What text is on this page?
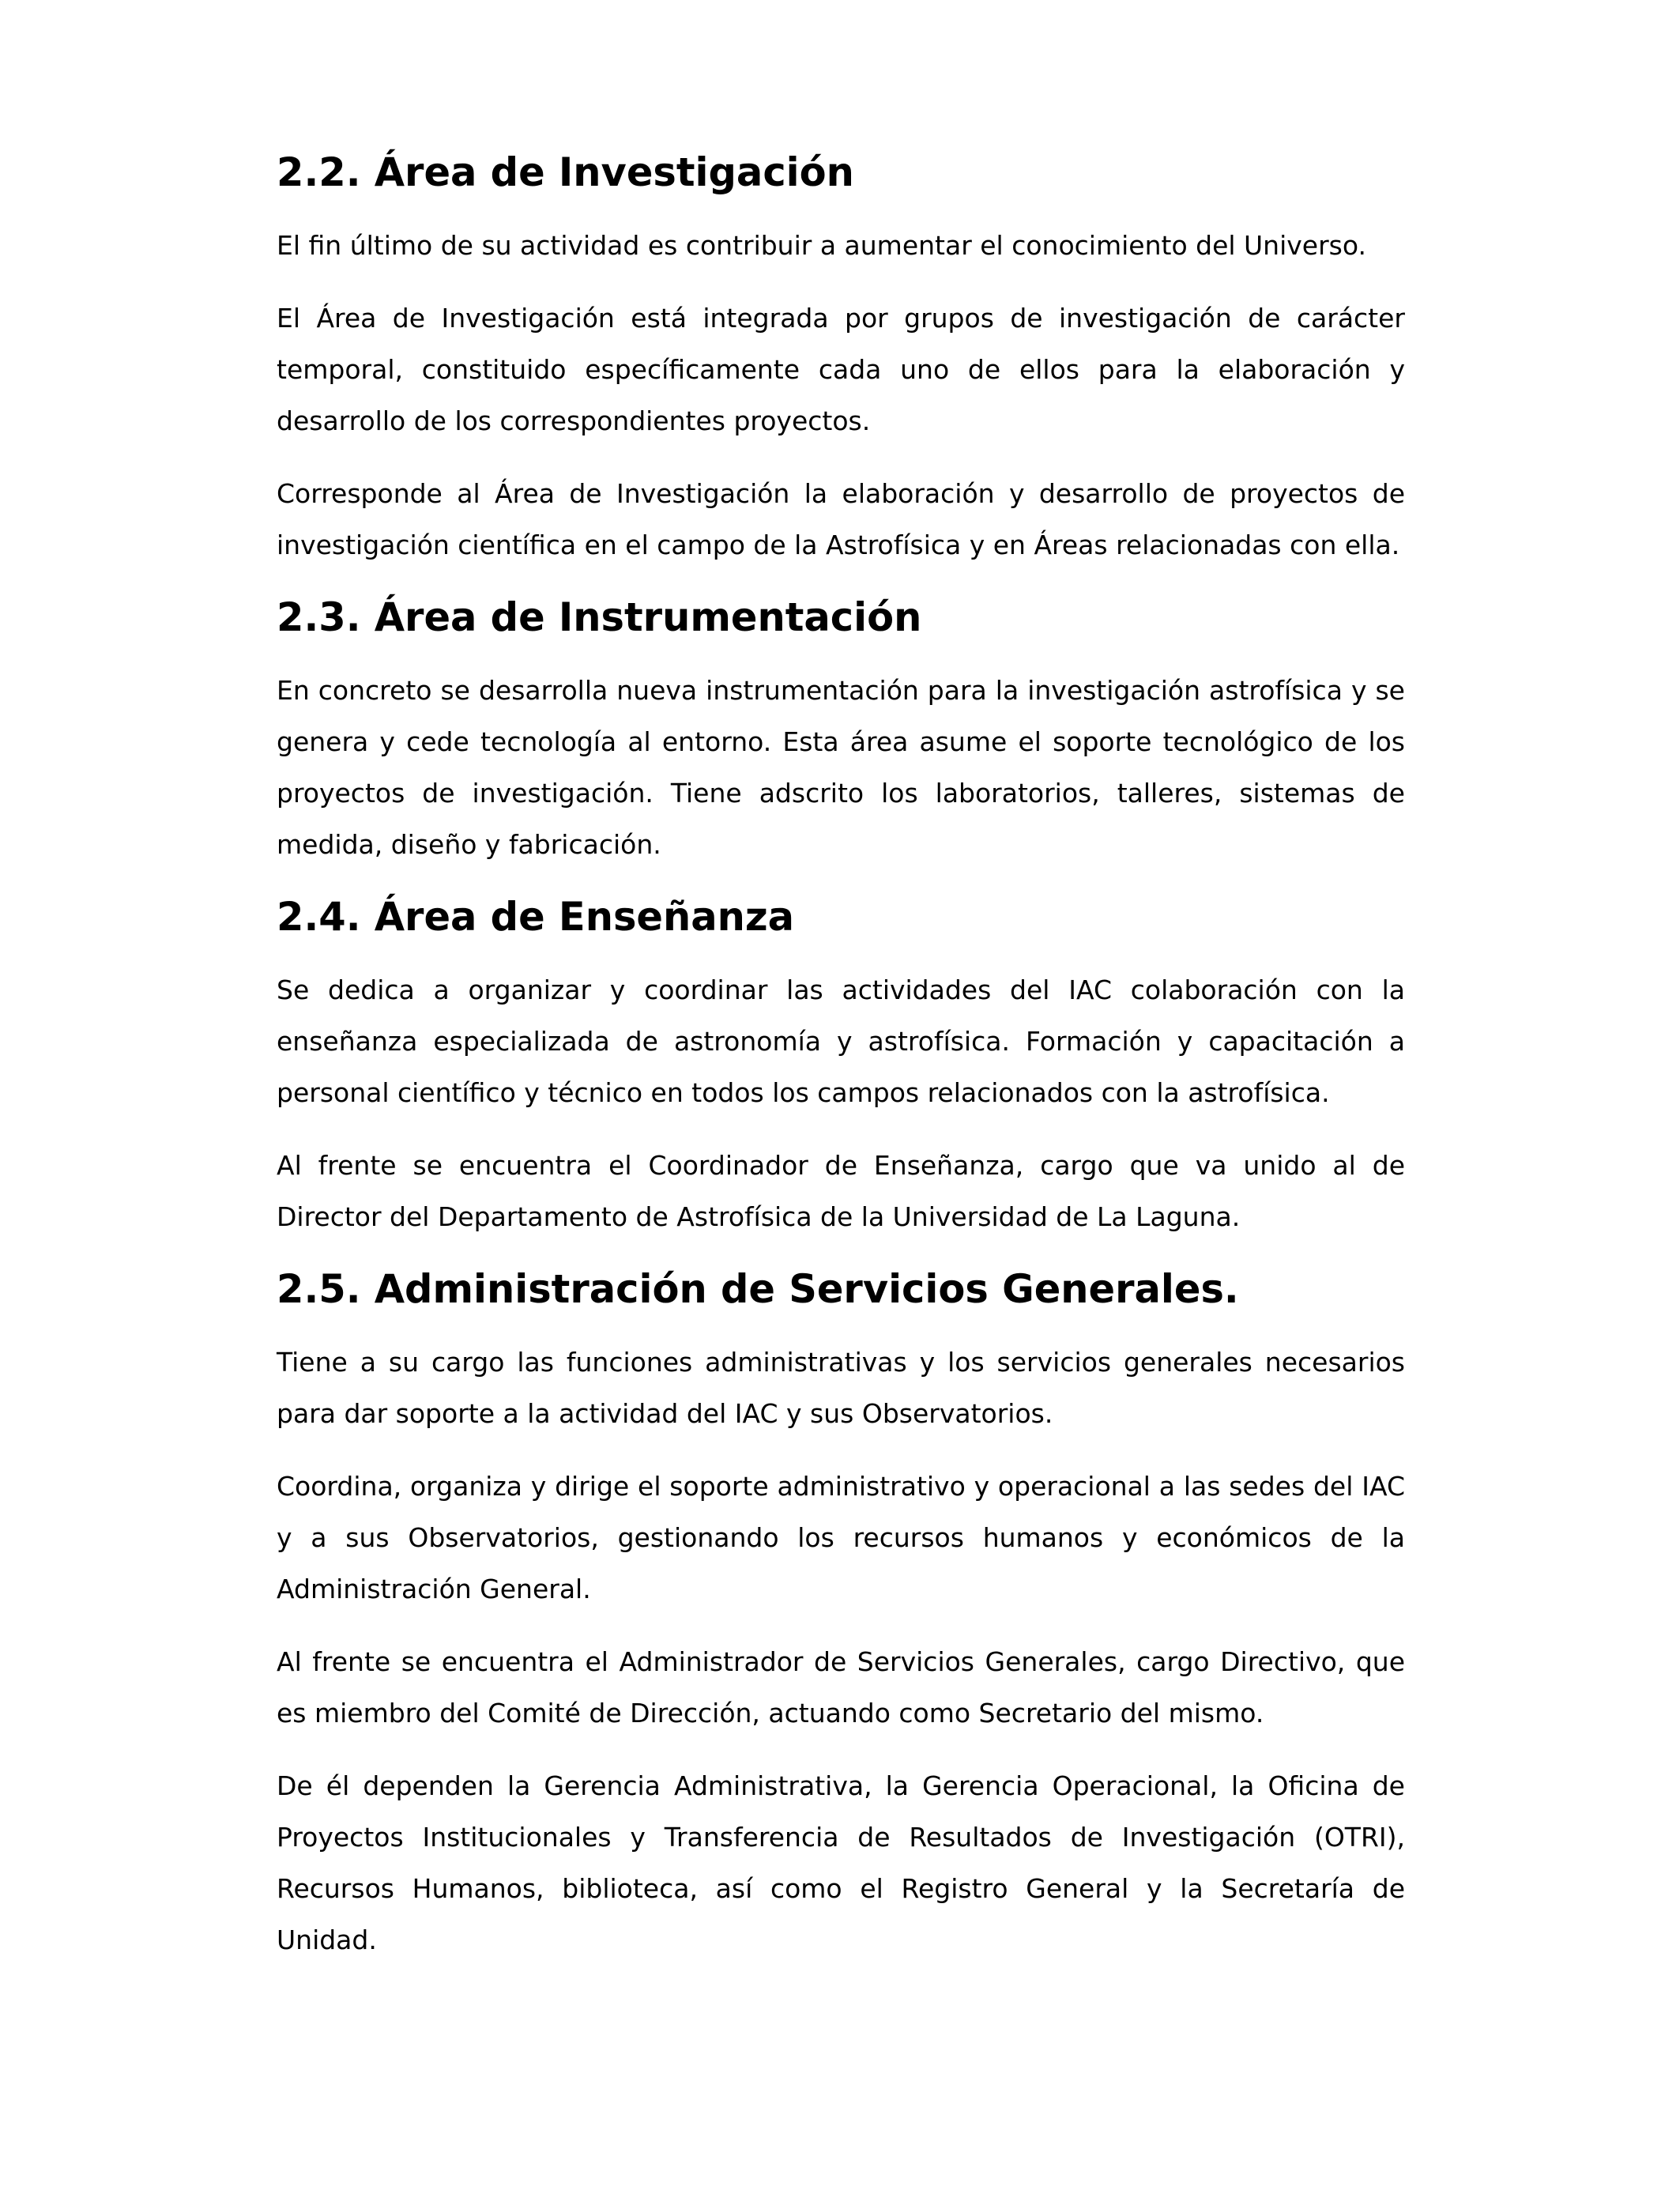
2.2. Área de Investigación

El fin último de su actividad es contribuir a aumentar el conocimiento del Universo.

El Área de Investigación está integrada por grupos de investigación de carácter temporal, constituido específicamente cada uno de ellos para la elaboración y desarrollo de los correspondientes proyectos.

Corresponde al Área de Investigación la elaboración y desarrollo de proyectos de investigación científica en el campo de la Astrofísica y en Áreas relacionadas con ella.

2.3. Área de Instrumentación

En concreto se desarrolla nueva instrumentación para la investigación astrofísica y se genera y cede tecnología al entorno. Esta área asume el soporte tecnológico de los proyectos de investigación. Tiene adscrito los laboratorios, talleres, sistemas de medida, diseño y fabricación.

2.4. Área de Enseñanza

Se dedica a organizar y coordinar las actividades del IAC colaboración con la enseñanza especializada de astronomía y astrofísica. Formación y capacitación a personal científico y técnico en todos los campos relacionados con la astrofísica.

Al frente se encuentra el Coordinador de Enseñanza, cargo que va unido al de Director del Departamento de Astrofísica de la Universidad de La Laguna.

2.5. Administración de Servicios Generales.

Tiene a su cargo las funciones administrativas y los servicios generales necesarios para dar soporte a la actividad del IAC y sus Observatorios.

Coordina, organiza y dirige el soporte administrativo y operacional a las sedes del IAC y a sus Observatorios, gestionando los recursos humanos y económicos de la Administración General.

Al frente se encuentra el Administrador de Servicios Generales, cargo Directivo, que es miembro del Comité de Dirección, actuando como Secretario del mismo.

De él dependen la Gerencia Administrativa, la Gerencia Operacional, la Oficina de Proyectos Institucionales y Transferencia de Resultados de Investigación (OTRI), Recursos Humanos, biblioteca, así como el Registro General y la Secretaría de Unidad.
